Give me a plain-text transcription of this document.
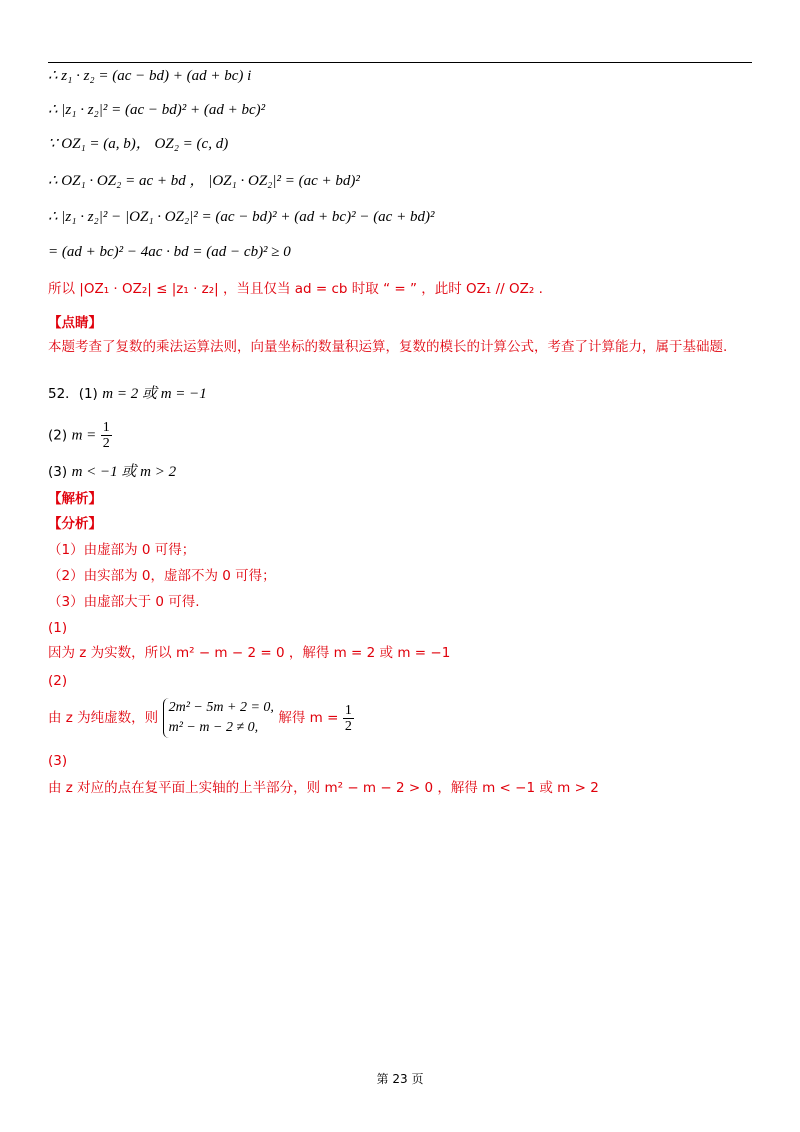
∴ z₁ · z₂ = (ac − bd) + (ad + bc) i
∴ |z₁ · z₂|² = (ac − bd)² + (ad + bc)²
∵ OZ₁ = (a, b)， OZ₂ = (c, d)
∴ OZ₁ · OZ₂ = ac + bd ， |OZ₁ · OZ₂|² = (ac + bd)²
∴ |z₁ · z₂|² − |OZ₁ · OZ₂|² = (ac − bd)² + (ad + bc)² − (ac + bd)²
= (ad + bc)² − 4ac · bd = (ad − cb)² ≥ 0
所以 |OZ₁ · OZ₂| ≤ |z₁ · z₂| ，当且仅当 ad = cb 时取 “ = ” ，此时 OZ₁ // OZ₂ .
【点睛】
本题考查了复数的乘法运算法则，向量坐标的数量积运算，复数的模长的计算公式，考查了计算能力，属于基础题.
52．(1) m = 2 或 m = −1
(2) $m = \frac{1}{2}$
(3) m < −1 或 m > 2
【解析】
【分析】
（1）由虚部为 0 可得；
（2）由实部为 0，虚部不为 0 可得；
（3）由虚部大于 0 可得.
(1)
因为 z 为实数，所以 m² − m − 2 = 0 ，解得 m = 2 或 m = −1
(2)
由 z 为纯虚数，则
2m² − 5m + 2 = 0,
m² − m − 2 ≠ 0,
解得 $m = \frac{1}{2}$
(3)
由 z 对应的点在复平面上实轴的上半部分，则 m² − m − 2 > 0 ，解得 m < −1 或 m > 2
第 23 页
